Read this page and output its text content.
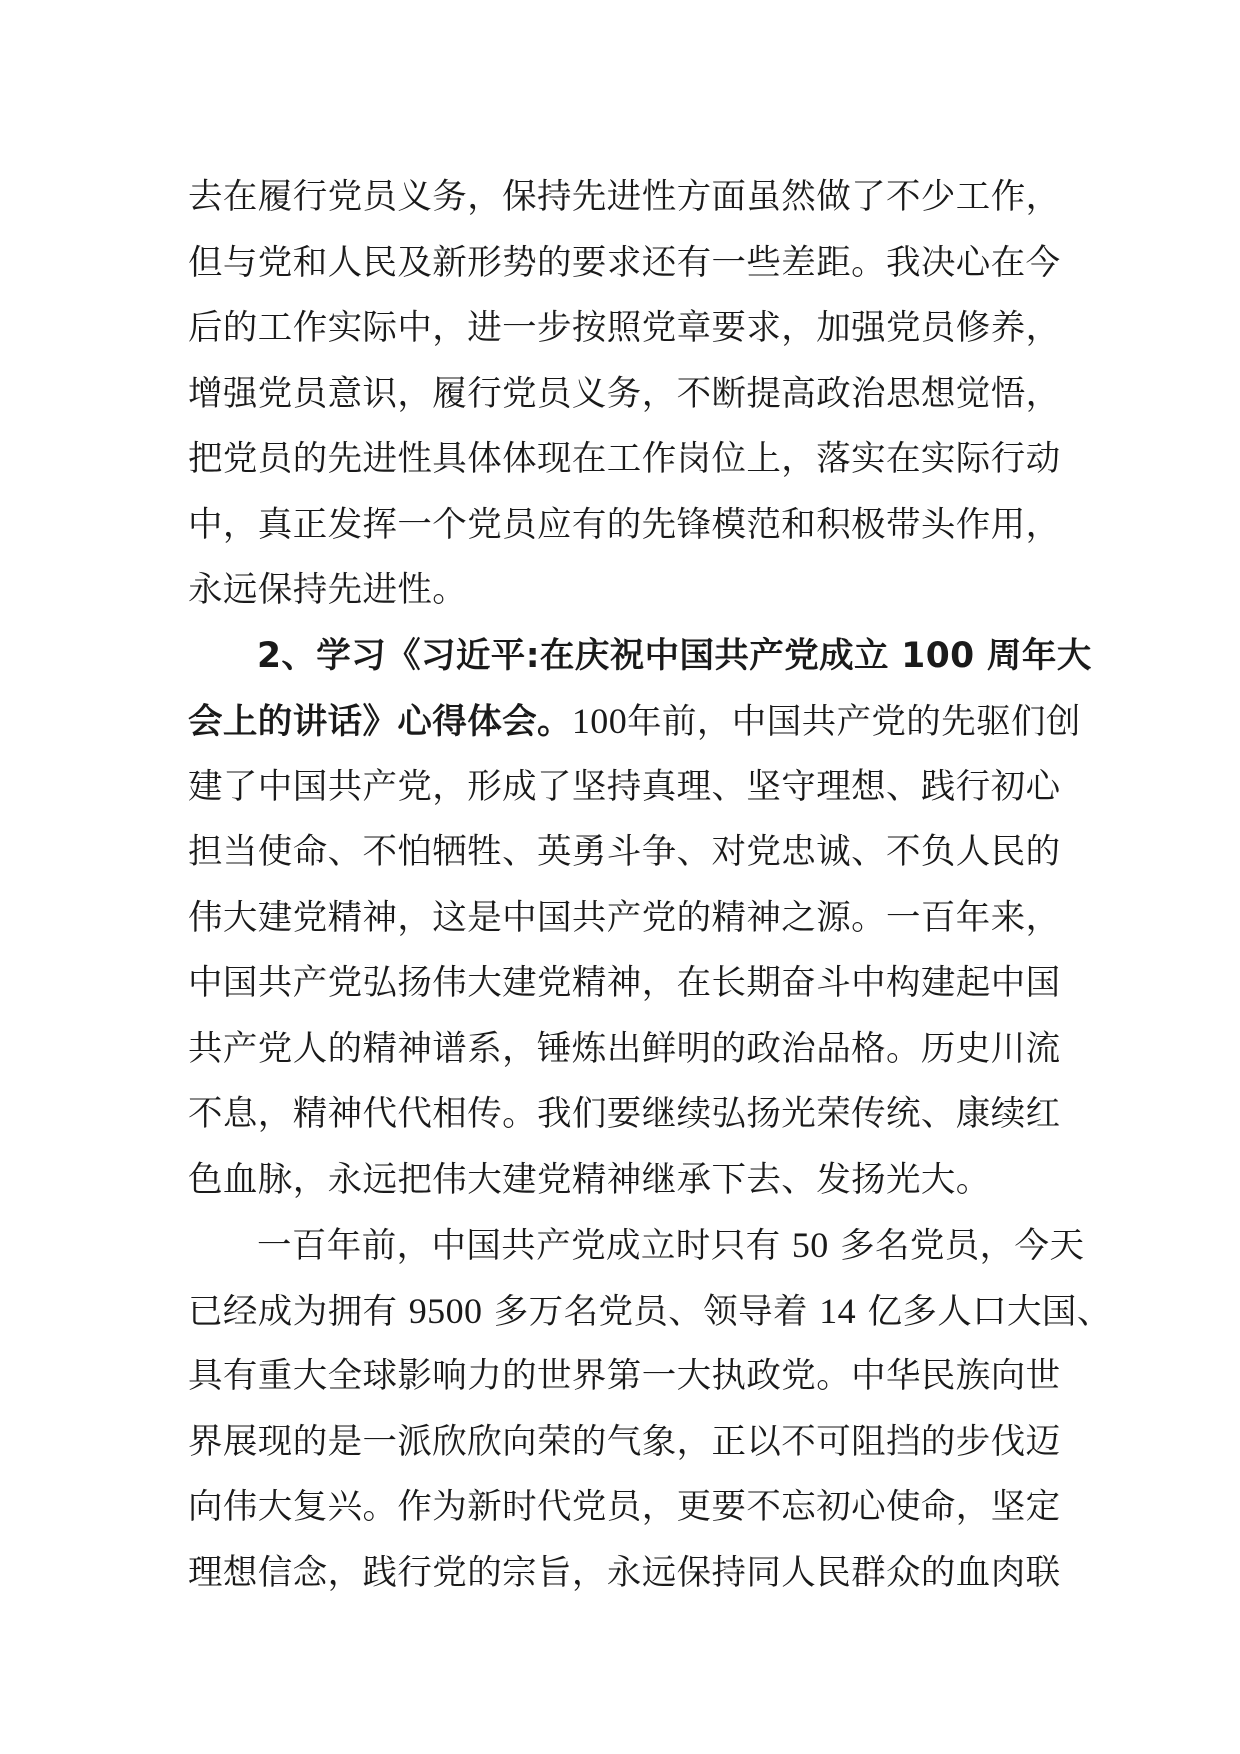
去在履行党员义务，保持先进性方面虽然做了不少工作，
但与党和人民及新形势的要求还有一些差距。我决心在今
后的工作实际中，进一步按照党章要求，加强党员修养，
增强党员意识，履行党员义务，不断提高政治思想觉悟，
把党员的先进性具体体现在工作岗位上，落实在实际行动
中，真正发挥一个党员应有的先锋模范和积极带头作用，
永远保持先进性。
2、学习《习近平:在庆祝中国共产党成立 100 周年大
会上的讲话》心得体会。100年前，中国共产党的先驱们创
建了中国共产党，形成了坚持真理、坚守理想、践行初心
担当使命、不怕牺牲、英勇斗争、对党忠诚、不负人民的
伟大建党精神，这是中国共产党的精神之源。一百年来，
中国共产党弘扬伟大建党精神，在长期奋斗中构建起中国
共产党人的精神谱系，锤炼出鲜明的政治品格。历史川流
不息，精神代代相传。我们要继续弘扬光荣传统、康续红
色血脉，永远把伟大建党精神继承下去、发扬光大。
一百年前，中国共产党成立时只有 50 多名党员，今天
已经成为拥有 9500 多万名党员、领导着 14 亿多人口大国、
具有重大全球影响力的世界第一大执政党。中华民族向世
界展现的是一派欣欣向荣的气象，正以不可阻挡的步伐迈
向伟大复兴。作为新时代党员，更要不忘初心使命，坚定
理想信念，践行党的宗旨，永远保持同人民群众的血肉联
